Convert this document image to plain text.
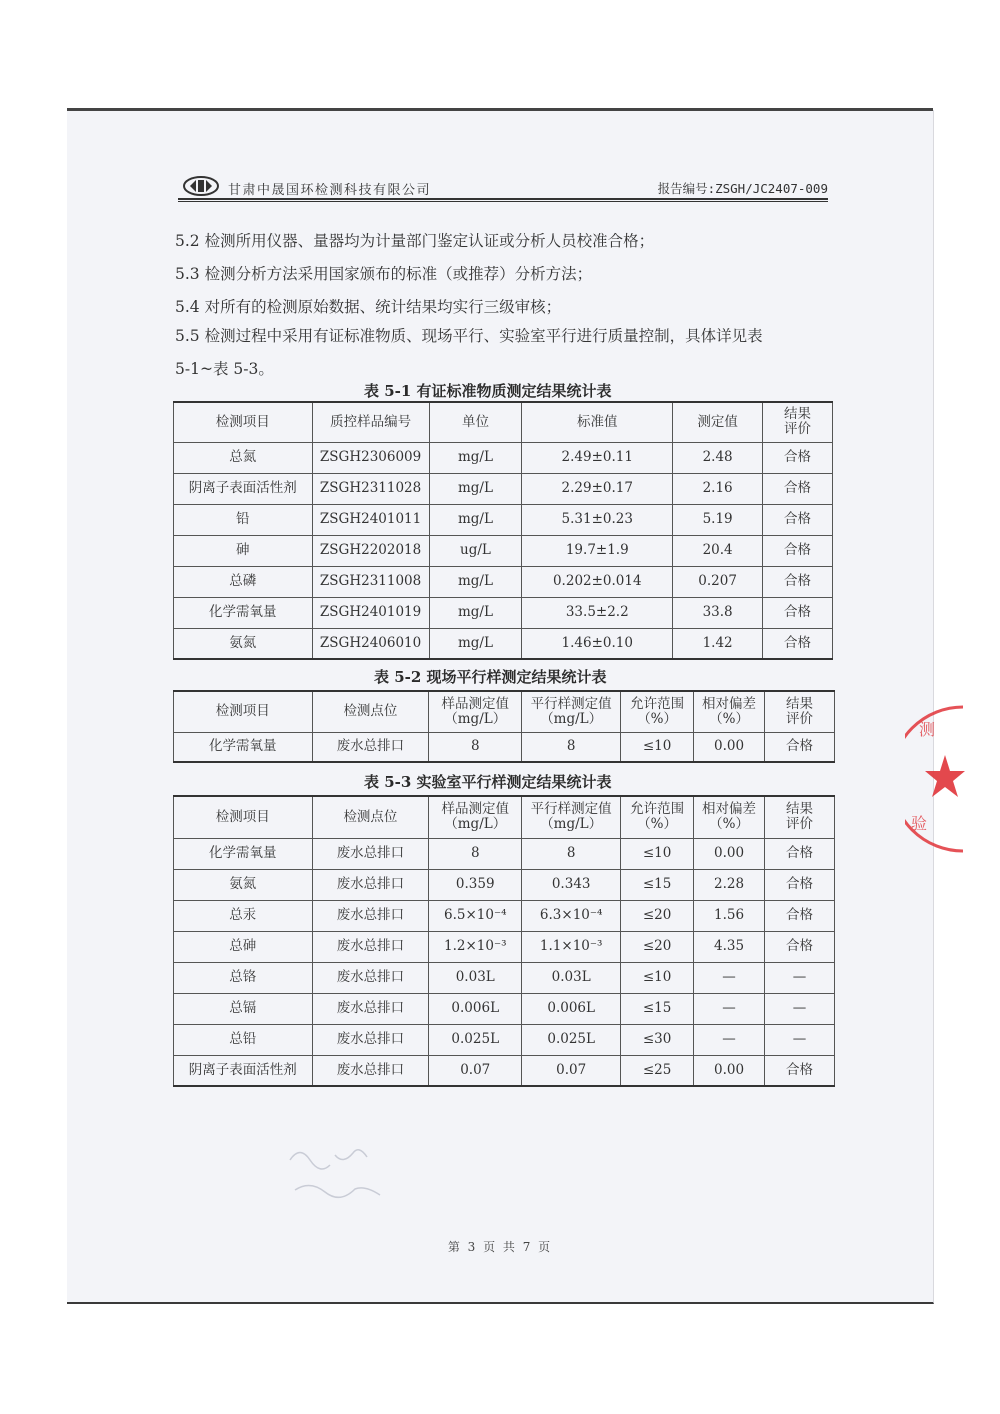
甘肃中晟国环检测科技有限公司	报告编号:ZSGH/JC2407-009
5.2 检测所用仪器、量器均为计量部门鉴定认证或分析人员校准合格；
5.3 检测分析方法采用国家颁布的标准（或推荐）分析方法；
5.4 对所有的检测原始数据、统计结果均实行三级审核；
5.5 检测过程中采用有证标准物质、现场平行、实验室平行进行质量控制，具体详见表
5-1~表 5-3。
表 5-1 有证标准物质测定结果统计表
检测项目	质控样品编号	单位	标准值	测定值	结果评价
总氮	ZSGH2306009	mg/L	2.49±0.11	2.48	合格
阴离子表面活性剂	ZSGH2311028	mg/L	2.29±0.17	2.16	合格
铅	ZSGH2401011	mg/L	5.31±0.23	5.19	合格
砷	ZSGH2202018	ug/L	19.7±1.9	20.4	合格
总磷	ZSGH2311008	mg/L	0.202±0.014	0.207	合格
化学需氧量	ZSGH2401019	mg/L	33.5±2.2	33.8	合格
氨氮	ZSGH2406010	mg/L	1.46±0.10	1.42	合格
表 5-2 现场平行样测定结果统计表
检测项目	检测点位	样品测定值（mg/L）	平行样测定值（mg/L）	允许范围（%）	相对偏差（%）	结果评价
化学需氧量	废水总排口	8	8	≤10	0.00	合格
表 5-3 实验室平行样测定结果统计表
检测项目	检测点位	样品测定值（mg/L）	平行样测定值（mg/L）	允许范围（%）	相对偏差（%）	结果评价
化学需氧量	废水总排口	8	8	≤10	0.00	合格
氨氮	废水总排口	0.359	0.343	≤15	2.28	合格
总汞	废水总排口	6.5×10⁻⁴	6.3×10⁻⁴	≤20	1.56	合格
总砷	废水总排口	1.2×10⁻³	1.1×10⁻³	≤20	4.35	合格
总铬	废水总排口	0.03L	0.03L	≤10	—	—
总镉	废水总排口	0.006L	0.006L	≤15	—	—
总铅	废水总排口	0.025L	0.025L	≤30	—	—
阴离子表面活性剂	废水总排口	0.07	0.07	≤25	0.00	合格
测
验
第 3 页 共 7 页
